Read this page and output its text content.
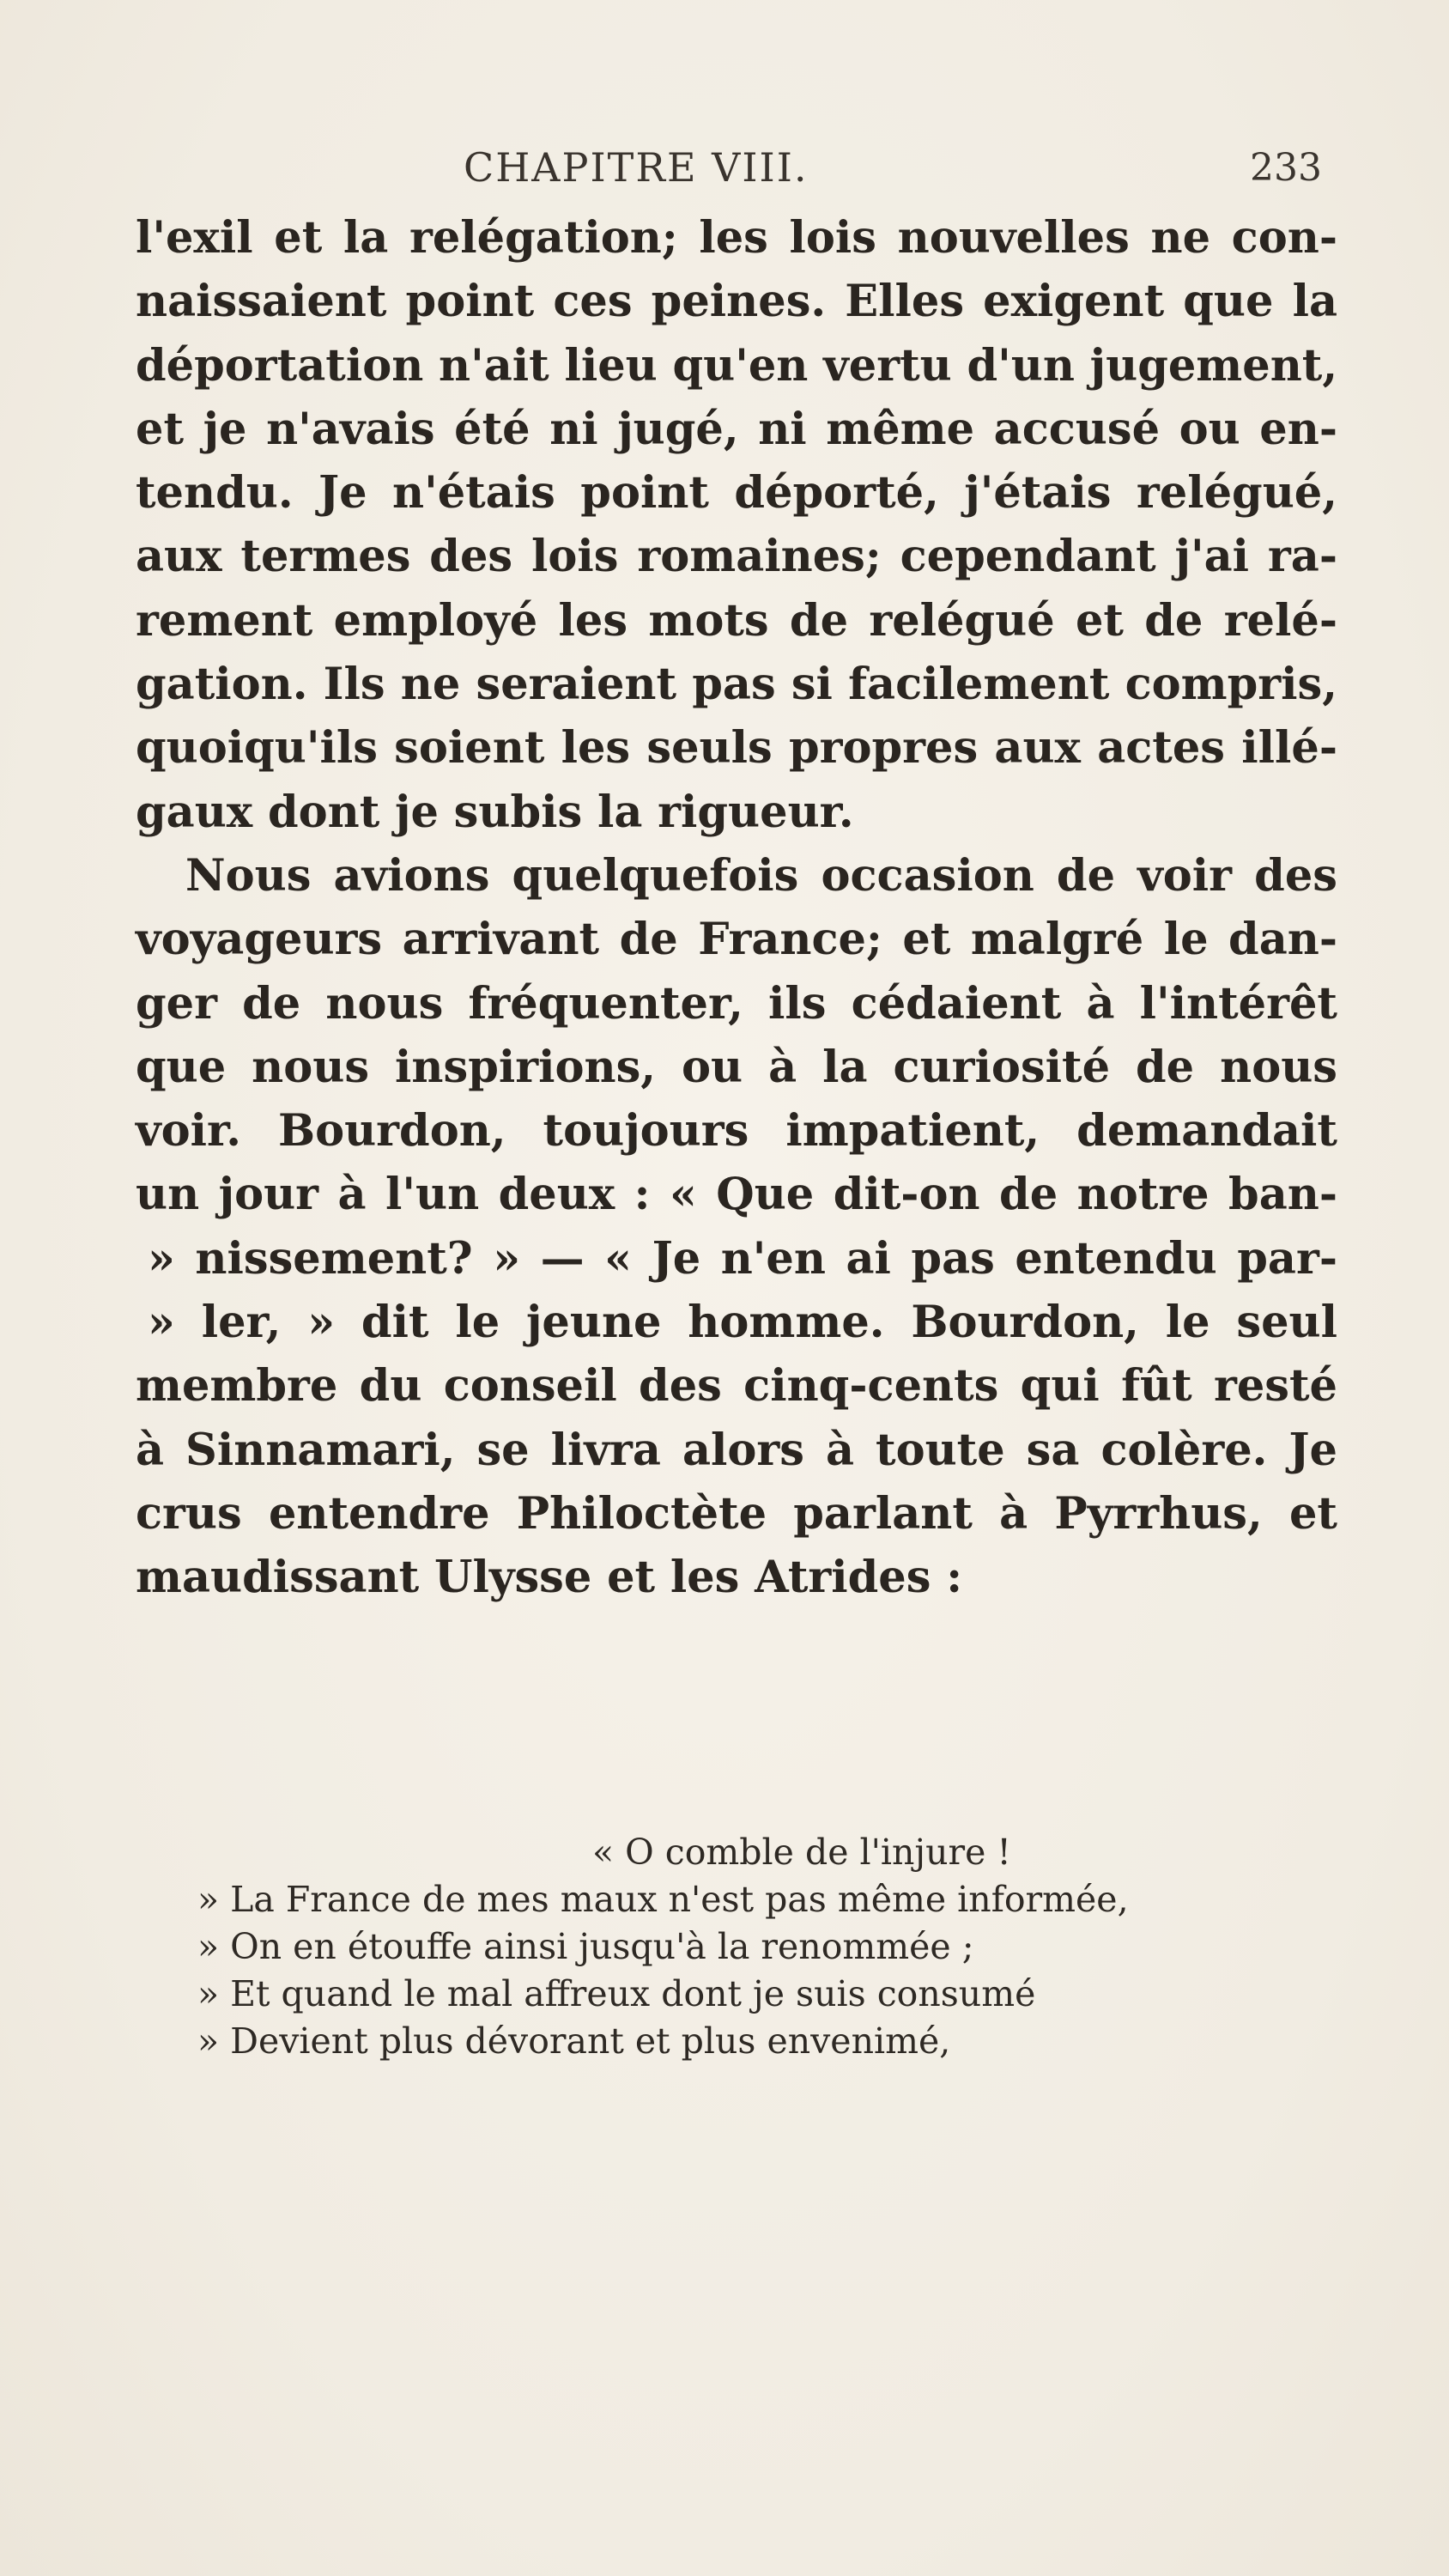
CHAPITRE VIII.	233
l'exil et la relégation; les lois nouvelles ne con-
naissaient point ces peines. Elles exigent que la
déportation n'ait lieu qu'en vertu d'un jugement,
et je n'avais été ni jugé, ni même accusé ou en-
tendu. Je n'étais point déporté, j'étais relégué,
aux termes des lois romaines; cependant j'ai ra-
rement employé les mots de relégué et de relé-
gation. Ils ne seraient pas si facilement compris,
quoiqu'ils soient les seuls propres aux actes illé-
gaux dont je subis la rigueur.
Nous avions quelquefois occasion de voir des
voyageurs arrivant de France; et malgré le dan-
ger de nous fréquenter, ils cédaient à l'intérêt
que nous inspirions, ou à la curiosité de nous
voir. Bourdon, toujours impatient, demandait
un jour à l'un deux : « Que dit-on de notre ban-
» nissement? » — « Je n'en ai pas entendu par-
» ler, » dit le jeune homme. Bourdon, le seul
membre du conseil des cinq-cents qui fût resté
à Sinnamari, se livra alors à toute sa colère. Je
crus entendre Philoctète parlant à Pyrrhus, et
maudissant Ulysse et les Atrides :
« O comble de l'injure !
» La France de mes maux n'est pas même informée,
» On en étouffe ainsi jusqu'à la renommée ;
» Et quand le mal affreux dont je suis consumé
» Devient plus dévorant et plus envenimé,
